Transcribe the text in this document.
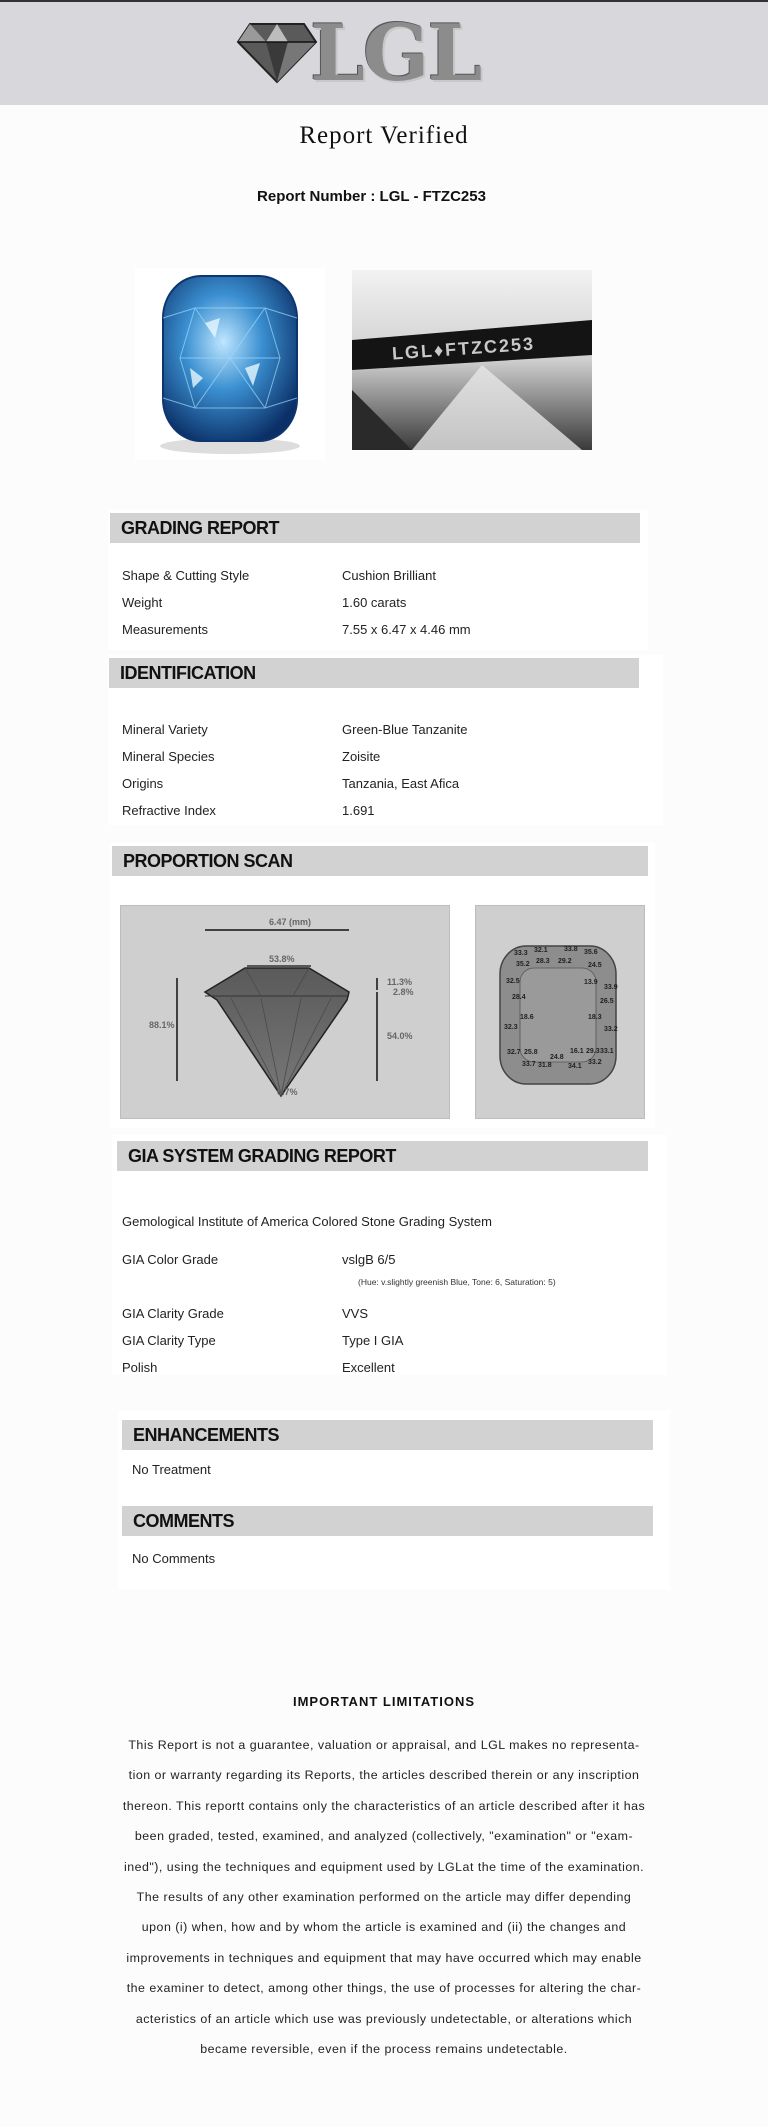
LGL
Report Verified
Report Number : LGL - FTZC253
LGL♦FTZC253
GRADING REPORT
Shape & Cutting Style	Cushion Brilliant
Weight	1.60 carats
Measurements	7.55 x 6.47 x 4.46 mm
IDENTIFICATION
Mineral Variety	Green-Blue Tanzanite
Mineral Species	Zoisite
Origins	Tanzania, East Afica
Refractive Index	1.691
PROPORTION SCAN
6.47 (mm)
53.8%
11.3%
2.8%
88.1%
54.0%
0.7%
33.3 32.1 33.8 35.6
35.2 28.3 29.2
24.5
32.5	13.9
33.9
28.4
26.5
18.6	18.3
32.3	33.2
32.7 25.8	16.1 29.3 33.1
24.8
33.7 31.8 34.1
33.2
GIA SYSTEM GRADING REPORT
Gemological Institute of America Colored Stone Grading System
GIA Color Grade	vslgB 6/5
(Hue: v.slightly greenish Blue, Tone: 6, Saturation: 5)
GIA Clarity Grade	VVS
GIA Clarity Type	Type I GIA
Polish	Excellent
ENHANCEMENTS
No Treatment
COMMENTS
No Comments
IMPORTANT LIMITATIONS
This Report is not a guarantee, valuation or appraisal, and LGL makes no representa-
tion or warranty regarding its Reports, the articles described therein or any inscription
thereon. This reportt contains only the characteristics of an article described after it has
been graded, tested, examined, and analyzed (collectively, "examination" or "exam-
ined"), using the techniques and equipment used by LGLat the time of the examination.
The results of any other examination performed on the article may differ depending
upon (i) when, how and by whom the article is examined and (ii) the changes and
improvements in techniques and equipment that may have occurred which may enable
the examiner to detect, among other things, the use of processes for altering the char-
acteristics of an article which use was previously undetectable, or alterations which
became reversible, even if the process remains undetectable.
